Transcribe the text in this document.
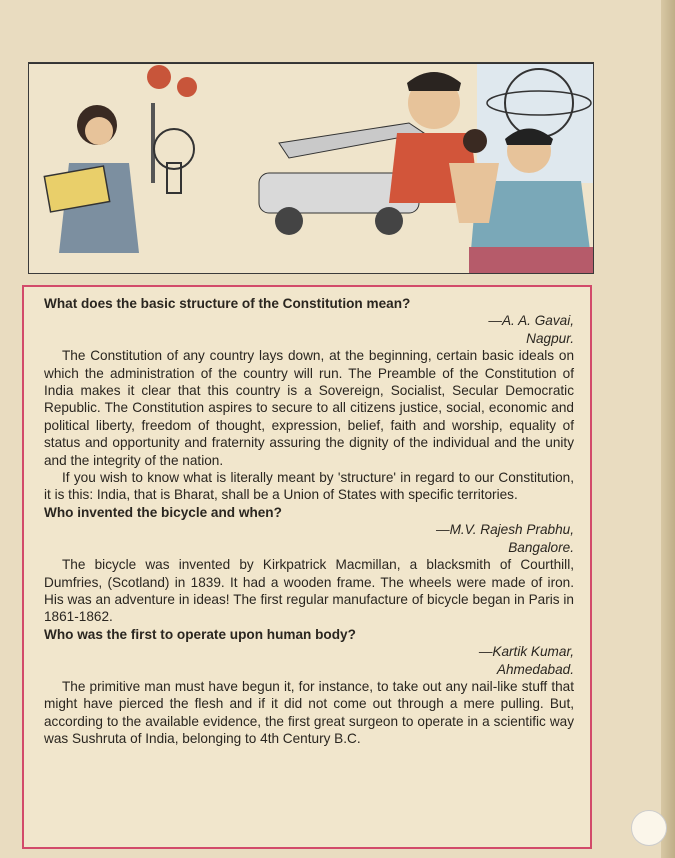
What does the basic structure of the Constitution mean?

—A. A. Gavai,

Nagpur.

The Constitution of any country lays down, at the beginning, certain basic ideals on which the administration of the country will run. The Preamble of the Constitution of India makes it clear that this country is a Sovereign, Socialist, Secular Democratic Republic. The Constitution aspires to secure to all citizens justice, social, economic and political liberty, freedom of thought, expression, belief, faith and worship, equality of status and opportunity and fraternity assuring the dignity of the individual and the unity and the integrity of the nation.

If you wish to know what is literally meant by 'structure' in regard to our Constitution, it is this: India, that is Bharat, shall be a Union of States with specific territories.

Who invented the bicycle and when?

—M.V. Rajesh Prabhu,

Bangalore.

The bicycle was invented by Kirkpatrick Macmillan, a blacksmith of Courthill, Dumfries, (Scotland) in 1839. It had a wooden frame. The wheels were made of iron. His was an adventure in ideas! The first regular manufacture of bicycle began in Paris in 1861-1862.

Who was the first to operate upon human body?

—Kartik Kumar,

Ahmedabad.

The primitive man must have begun it, for instance, to take out any nail-like stuff that might have pierced the flesh and if it did not come out through a mere pulling. But, according to the available evidence, the first great surgeon to operate in a scientific way was Sushruta of India, belonging to 4th Century B.C.
